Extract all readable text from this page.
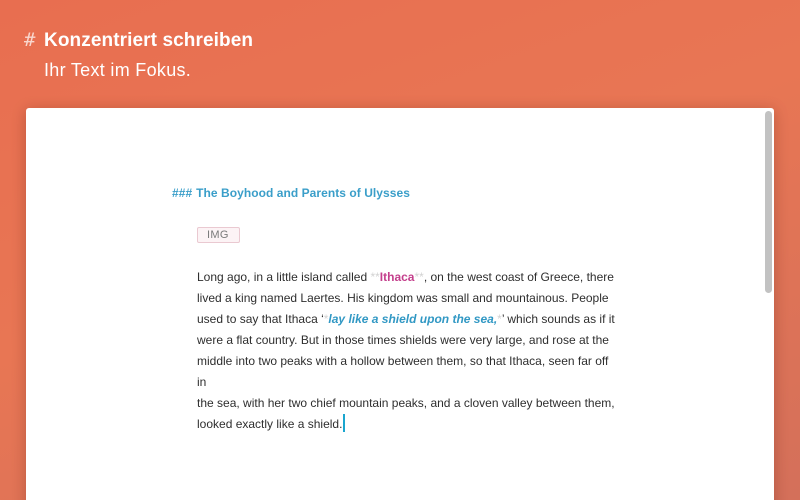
# Konzentriert schreiben
Ihr Text im Fokus.
### The Boyhood and Parents of Ulysses
IMG
Long ago, in a little island called **Ithaca**, on the west coast of Greece, there
lived a king named Laertes. His kingdom was small and mountainous. People
used to say that Ithaca ‘*lay like a shield upon the sea,*’ which sounds as if it
were a flat country. But in those times shields were very large, and rose at the
middle into two peaks with a hollow between them, so that Ithaca, seen far off in
the sea, with her two chief mountain peaks, and a cloven valley between them,
looked exactly like a shield.
